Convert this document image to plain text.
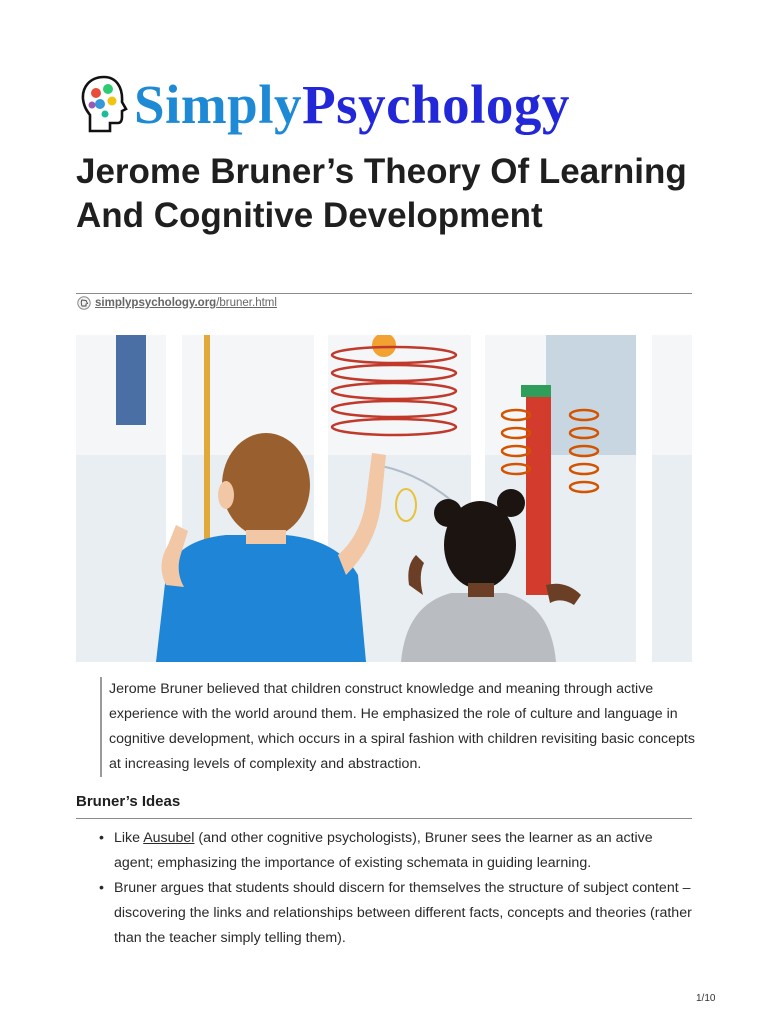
SimplyPsychology
Jerome Bruner’s Theory Of Learning And Cognitive Development
simplypsychology.org/bruner.html
Jerome Bruner believed that children construct knowledge and meaning through active experience with the world around them. He emphasized the role of culture and language in cognitive development, which occurs in a spiral fashion with children revisiting basic concepts at increasing levels of complexity and abstraction.
Bruner’s Ideas
• Like Ausubel (and other cognitive psychologists), Bruner sees the learner as an active agent; emphasizing the importance of existing schemata in guiding learning.
• Bruner argues that students should discern for themselves the structure of subject content – discovering the links and relationships between different facts, concepts and theories (rather than the teacher simply telling them).
1/10
